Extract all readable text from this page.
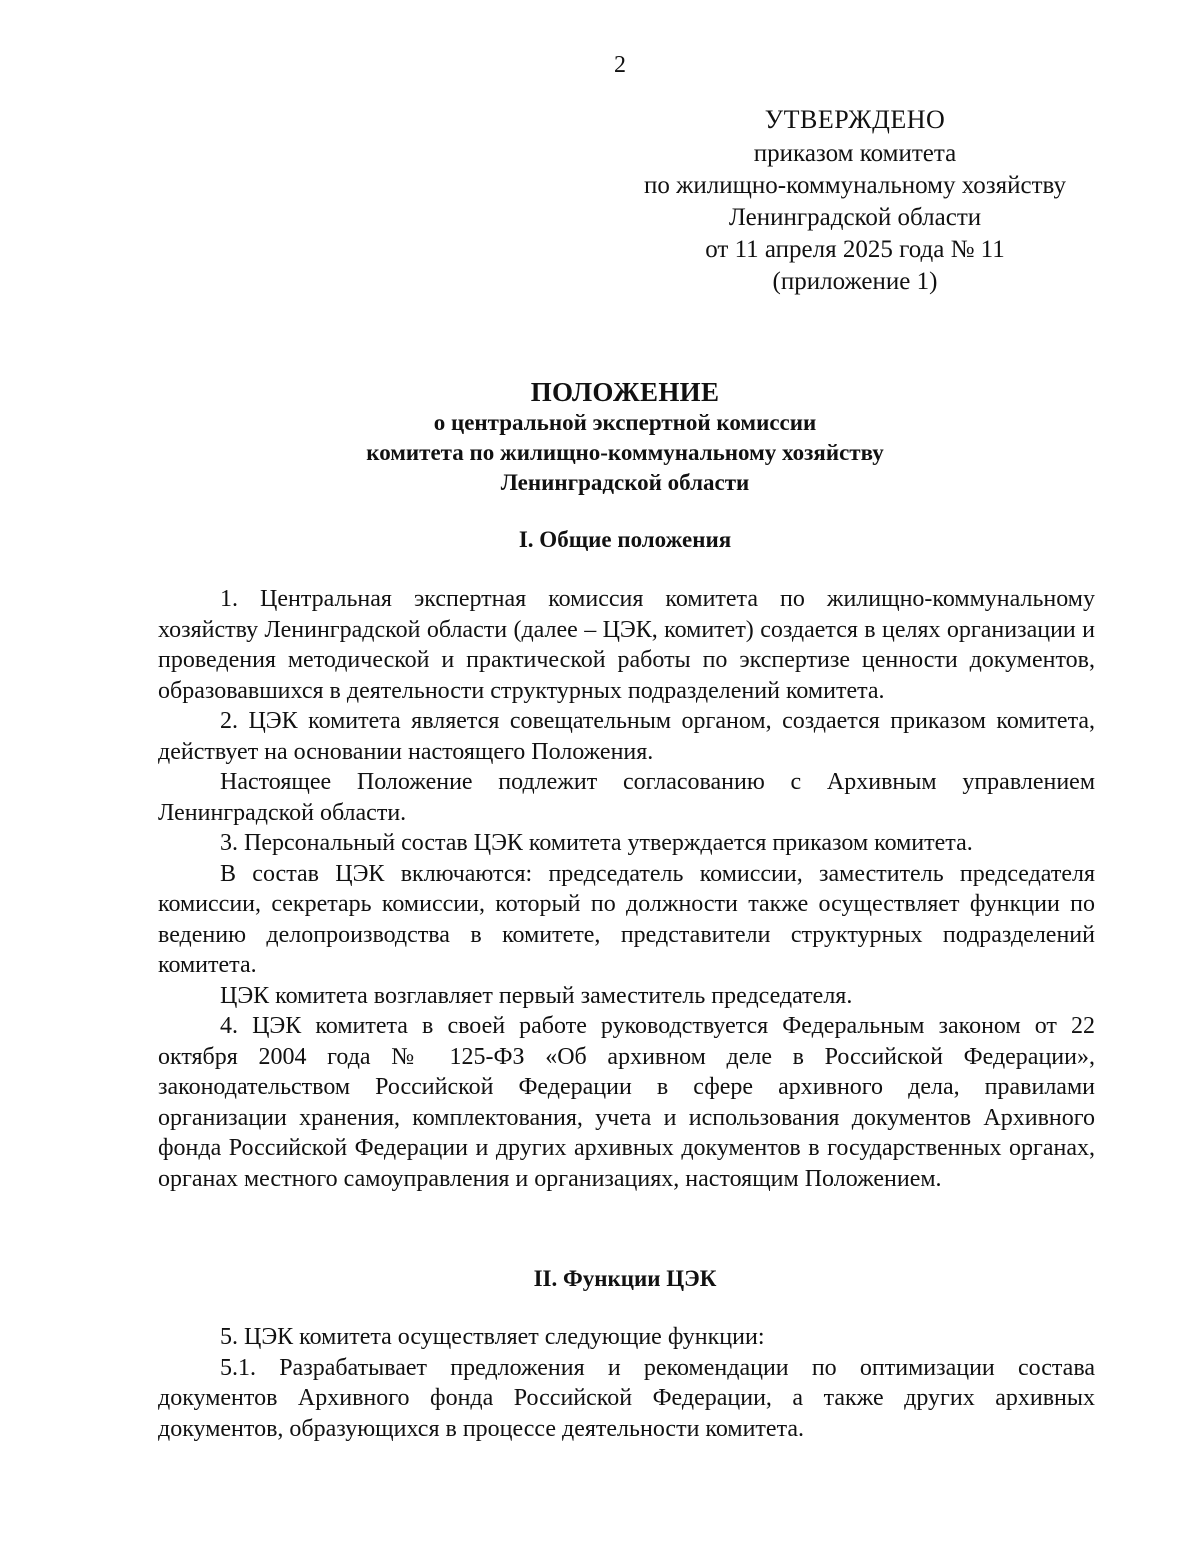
2
УТВЕРЖДЕНО
приказом комитета
по жилищно-коммунальному хозяйству
Ленинградской области
от 11 апреля 2025 года № 11
(приложение 1)
ПОЛОЖЕНИЕ
о центральной экспертной комиссии
комитета по жилищно-коммунальному хозяйству
Ленинградской области
I. Общие положения

1. Центральная экспертная комиссия комитета по жилищно-коммунальному хозяйству Ленинградской области (далее – ЦЭК, комитет) создается в целях организации и проведения методической и практической работы по экспертизе ценности документов, образовавшихся в деятельности структурных подразделений комитета.

2. ЦЭК комитета является совещательным органом, создается приказом комитета, действует на основании настоящего Положения.

Настоящее Положение подлежит согласованию с Архивным управлением Ленинградской области.

3. Персональный состав ЦЭК комитета утверждается приказом комитета.

В состав ЦЭК включаются: председатель комиссии, заместитель председателя комиссии, секретарь комиссии, который по должности также осуществляет функции по ведению делопроизводства в комитете, представители структурных подразделений комитета.

ЦЭК комитета возглавляет первый заместитель председателя.

4. ЦЭК комитета в своей работе руководствуется Федеральным законом от 22 октября 2004 года № 125-ФЗ «Об архивном деле в Российской Федерации», законодательством Российской Федерации в сфере архивного дела, правилами организации хранения, комплектования, учета и использования документов Архивного фонда Российской Федерации и других архивных документов в государственных органах, органах местного самоуправления и организациях, настоящим Положением.

II. Функции ЦЭК

5. ЦЭК комитета осуществляет следующие функции:

5.1. Разрабатывает предложения и рекомендации по оптимизации состава документов Архивного фонда Российской Федерации, а также других архивных документов, образующихся в процессе деятельности комитета.
